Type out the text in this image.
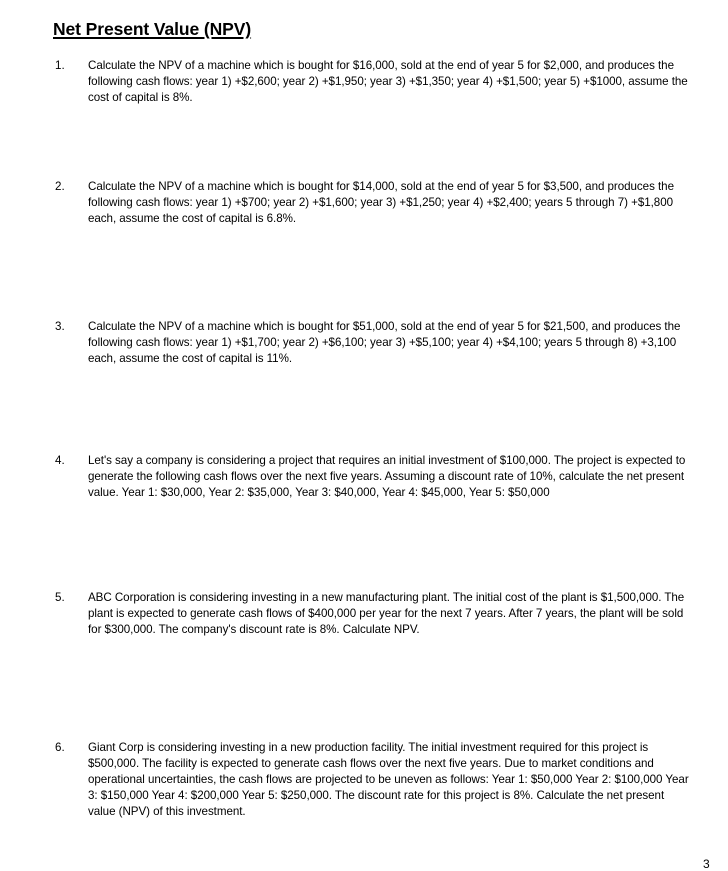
Net Present Value (NPV)
1. Calculate the NPV of a machine which is bought for $16,000, sold at the end of year 5 for $2,000, and produces the following cash flows: year 1) +$2,600; year 2) +$1,950; year 3) +$1,350; year 4) +$1,500; year 5) +$1000, assume the cost of capital is 8%.
2. Calculate the NPV of a machine which is bought for $14,000, sold at the end of year 5 for $3,500, and produces the following cash flows: year 1) +$700; year 2) +$1,600; year 3) +$1,250; year 4) +$2,400; years 5 through 7) +$1,800 each, assume the cost of capital is 6.8%.
3. Calculate the NPV of a machine which is bought for $51,000, sold at the end of year 5 for $21,500, and produces the following cash flows: year 1) +$1,700; year 2) +$6,100; year 3) +$5,100; year 4) +$4,100; years 5 through 8) +3,100 each, assume the cost of capital is 11%.
4. Let's say a company is considering a project that requires an initial investment of $100,000. The project is expected to generate the following cash flows over the next five years. Assuming a discount rate of 10%, calculate the net present value. Year 1: $30,000, Year 2: $35,000, Year 3: $40,000, Year 4: $45,000, Year 5: $50,000
5. ABC Corporation is considering investing in a new manufacturing plant. The initial cost of the plant is $1,500,000. The plant is expected to generate cash flows of $400,000 per year for the next 7 years. After 7 years, the plant will be sold for $300,000. The company's discount rate is 8%. Calculate NPV.
6. Giant Corp is considering investing in a new production facility. The initial investment required for this project is $500,000. The facility is expected to generate cash flows over the next five years. Due to market conditions and operational uncertainties, the cash flows are projected to be uneven as follows: Year 1: $50,000 Year 2: $100,000 Year 3: $150,000 Year 4: $200,000 Year 5: $250,000. The discount rate for this project is 8%. Calculate the net present value (NPV) of this investment.
3
